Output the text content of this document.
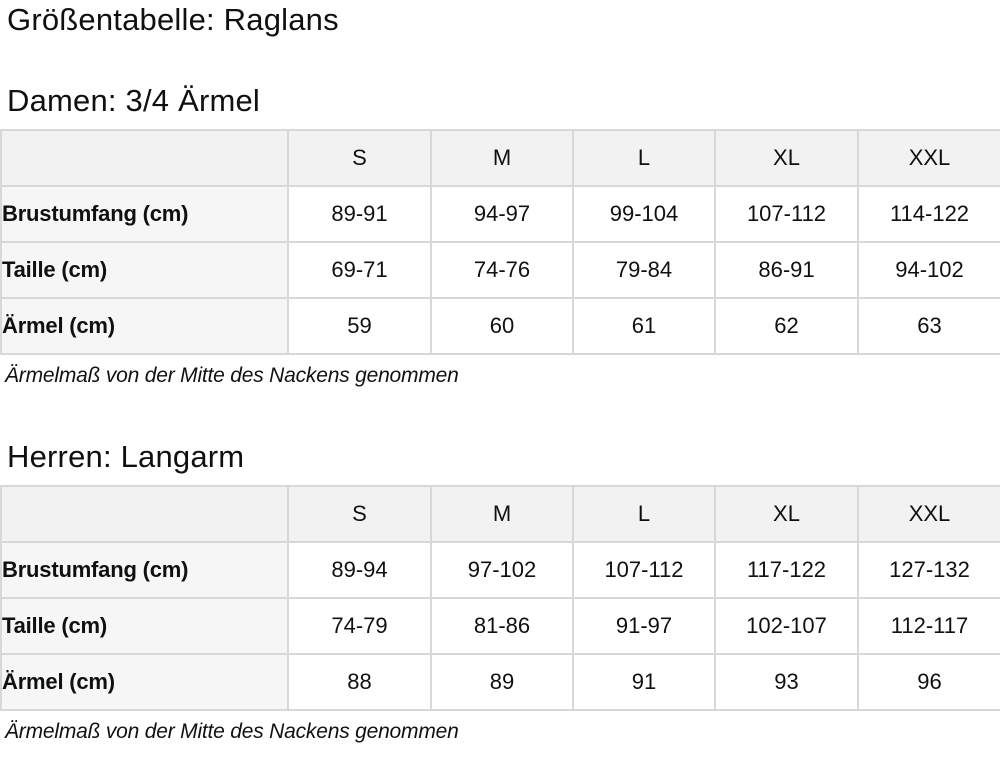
Größentabelle: Raglans
Damen: 3/4 Ärmel
	S	M	L	XL	XXL
Brustumfang (cm)	89-91	94-97	99-104	107-112	114-122
Taille (cm)	69-71	74-76	79-84	86-91	94-102
Ärmel (cm)	59	60	61	62	63

Ärmelmaß von der Mitte des Nackens genommen

Herren: Langarm
	S	M	L	XL	XXL
Brustumfang (cm)	89-94	97-102	107-112	117-122	127-132
Taille (cm)	74-79	81-86	91-97	102-107	112-117
Ärmel (cm)	88	89	91	93	96

Ärmelmaß von der Mitte des Nackens genommen
